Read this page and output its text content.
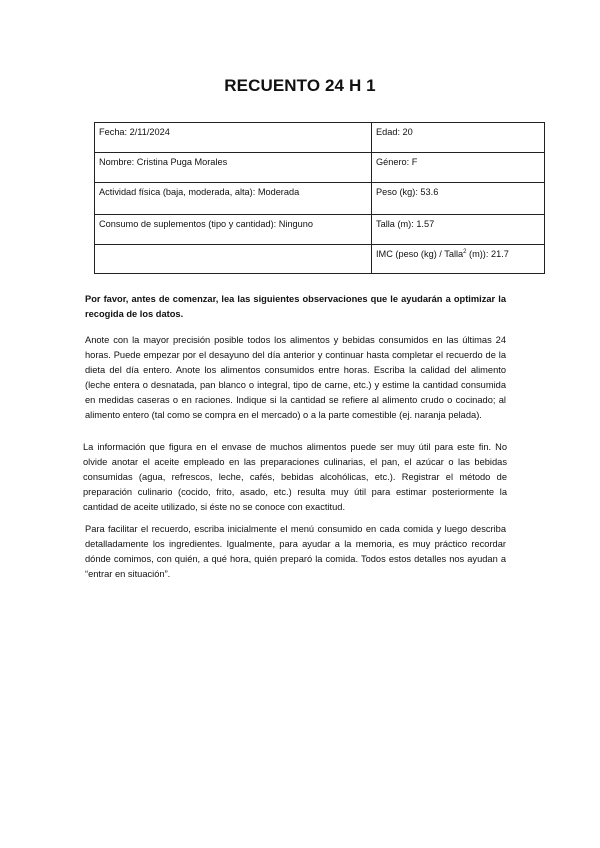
RECUENTO 24 H 1
Fecha: 2/11/2024	Edad: 20
Nombre: Cristina Puga Morales	Género: F
Actividad física (baja, moderada, alta): Moderada	Peso (kg): 53.6
Consumo de suplementos (tipo y cantidad): Ninguno	Talla (m): 1.57
	IMC (peso (kg) / Talla$^2$ (m)): 21.7
Por favor, antes de comenzar, lea las siguientes observaciones que le ayudarán a optimizar la recogida de los datos.
Anote con la mayor precisión posible todos los alimentos y bebidas consumidos en las últimas 24 horas. Puede empezar por el desayuno del día anterior y continuar hasta completar el recuerdo de la dieta del día entero. Anote los alimentos consumidos entre horas. Escriba la calidad del alimento (leche entera o desnatada, pan blanco o integral, tipo de carne, etc.) y estime la cantidad consumida en medidas caseras o en raciones. Indique si la cantidad se refiere al alimento crudo o cocinado; al alimento entero (tal como se compra en el mercado) o a la parte comestible (ej. naranja pelada).
La información que figura en el envase de muchos alimentos puede ser muy útil para este fin. No olvide anotar el aceite empleado en las preparaciones culinarias, el pan, el azúcar o las bebidas consumidas (agua, refrescos, leche, cafés, bebidas alcohólicas, etc.). Registrar el método de preparación culinario (cocido, frito, asado, etc.) resulta muy útil para estimar posteriormente la cantidad de aceite utilizado, si éste no se conoce con exactitud.
Para facilitar el recuerdo, escriba inicialmente el menú consumido en cada comida y luego describa detalladamente los ingredientes. Igualmente, para ayudar a la memoria, es muy práctico recordar dónde comimos, con quién, a qué hora, quién preparó la comida. Todos estos detalles nos ayudan a “entrar en situación”.
